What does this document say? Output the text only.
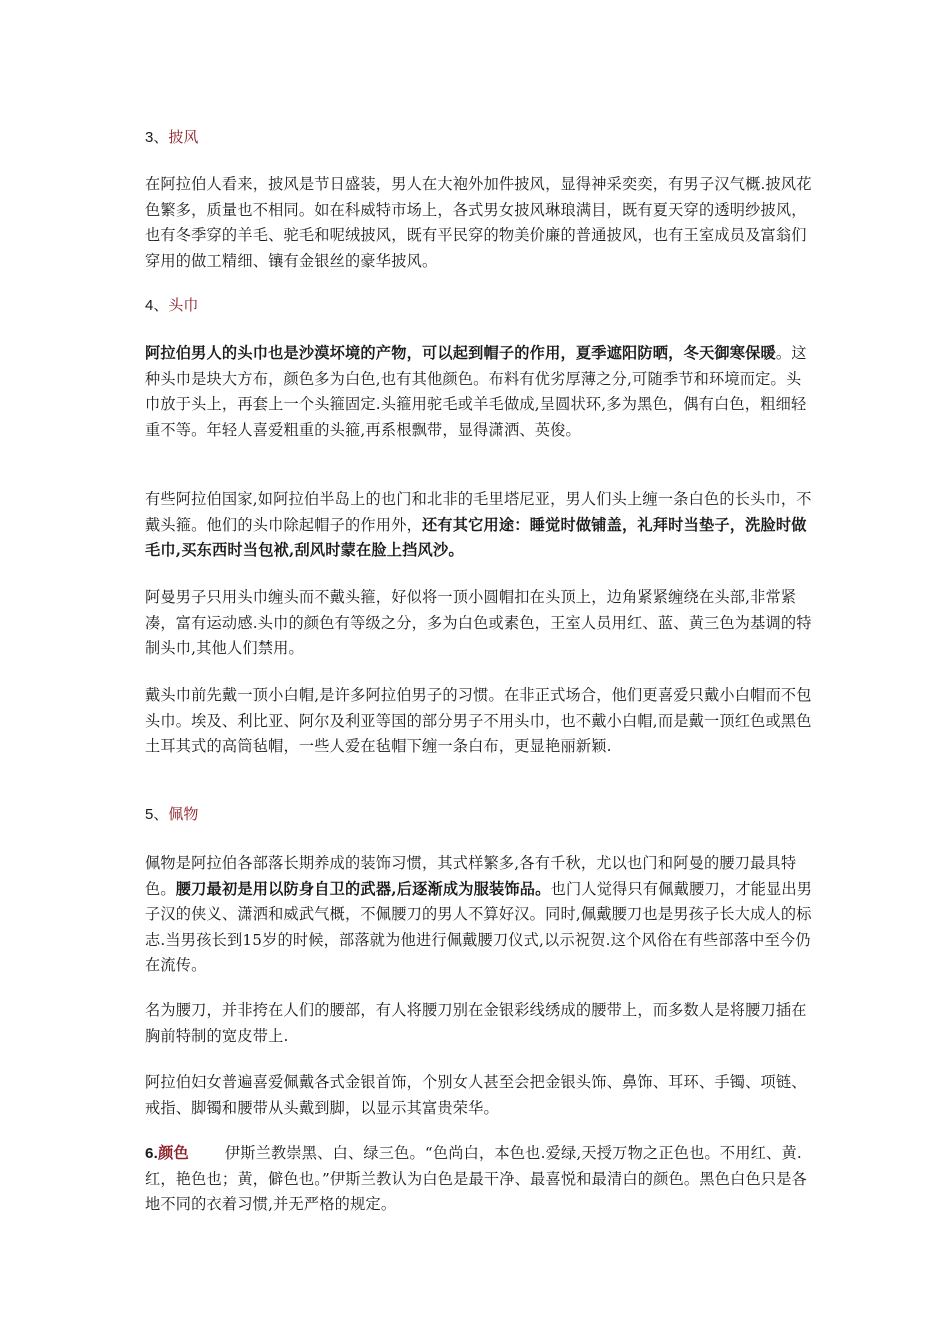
3、披风
在阿拉伯人看来，披风是节日盛装，男人在大袍外加件披风，显得神采奕奕，有男子汉气概.披风花色繁多，质量也不相同。如在科威特市场上，各式男女披风琳琅满目，既有夏天穿的透明纱披风，也有冬季穿的羊毛、驼毛和呢绒披风，既有平民穿的物美价廉的普通披风，也有王室成员及富翁们穿用的做工精细、镶有金银丝的豪华披风。
4、头巾
阿拉伯男人的头巾也是沙漠坏境的产物，可以起到帽子的作用，夏季遮阳防晒，冬天御寒保暖。这种头巾是块大方布，颜色多为白色,也有其他颜色。布料有优劣厚薄之分,可随季节和环境而定。头巾放于头上，再套上一个头箍固定.头箍用驼毛或羊毛做成,呈圆状环,多为黑色，偶有白色，粗细轻重不等。年轻人喜爱粗重的头箍,再系根飘带，显得潇洒、英俊。
有些阿拉伯国家,如阿拉伯半岛上的也门和北非的毛里塔尼亚，男人们头上缠一条白色的长头巾，不戴头箍。他们的头巾除起帽子的作用外，还有其它用途：睡觉时做铺盖，礼拜时当垫子，洗脸时做毛巾,买东西时当包袱,刮风时蒙在脸上挡风沙。
阿曼男子只用头巾缠头而不戴头箍，好似将一顶小圆帽扣在头顶上，边角紧紧缠绕在头部,非常紧凑，富有运动感.头巾的颜色有等级之分，多为白色或素色，王室人员用红、蓝、黄三色为基调的特制头巾,其他人们禁用。
戴头巾前先戴一顶小白帽,是许多阿拉伯男子的习惯。在非正式场合，他们更喜爱只戴小白帽而不包头巾。埃及、利比亚、阿尔及利亚等国的部分男子不用头巾，也不戴小白帽,而是戴一顶红色或黑色土耳其式的高筒毡帽，一些人爱在毡帽下缠一条白布，更显艳丽新颖.
5、佩物
佩物是阿拉伯各部落长期养成的装饰习惯，其式样繁多,各有千秋，尤以也门和阿曼的腰刀最具特色。腰刀最初是用以防身自卫的武器,后逐渐成为服装饰品。也门人觉得只有佩戴腰刀，才能显出男子汉的侠义、潇洒和威武气概，不佩腰刀的男人不算好汉。同时,佩戴腰刀也是男孩子长大成人的标志.当男孩长到15岁的时候，部落就为他进行佩戴腰刀仪式,以示祝贺.这个风俗在有些部落中至今仍在流传。
名为腰刀，并非挎在人们的腰部，有人将腰刀别在金银彩线绣成的腰带上，而多数人是将腰刀插在胸前特制的宽皮带上.
阿拉伯妇女普遍喜爱佩戴各式金银首饰，个别女人甚至会把金银头饰、鼻饰、耳环、手镯、项链、戒指、脚镯和腰带从头戴到脚，以显示其富贵荣华。
6.颜色 伊斯兰教崇黑、白、绿三色。“色尚白，本色也.爱绿,天授万物之正色也。不用红、黄.红，艳色也；黄，僻色也。”伊斯兰教认为白色是最干净、最喜悦和最清白的颜色。黑色白色只是各地不同的衣着习惯,并无严格的规定。
